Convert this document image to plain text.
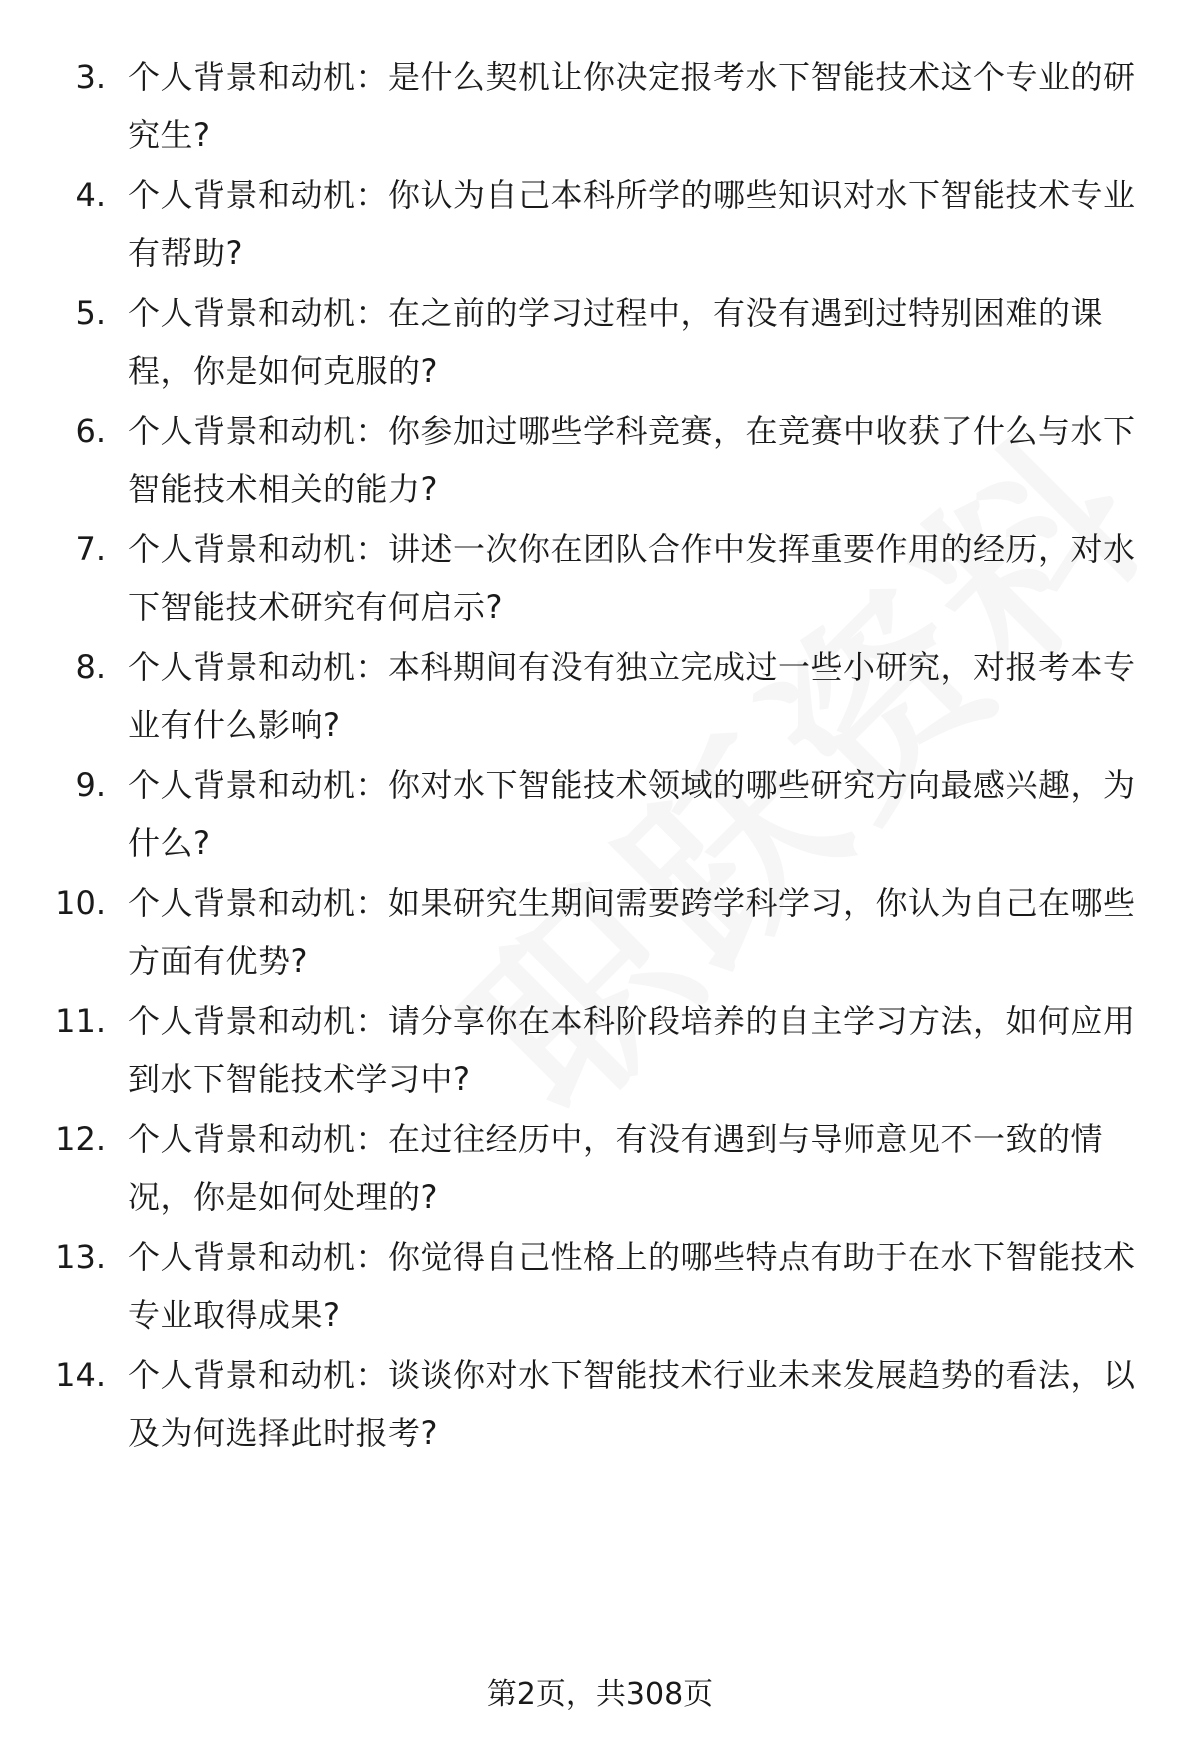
3. 个人背景和动机：是什么契机让你决定报考水下智能技术这个专业的研究生?
4. 个人背景和动机：你认为自己本科所学的哪些知识对水下智能技术专业有帮助?
5. 个人背景和动机：在之前的学习过程中，有没有遇到过特别困难的课程，你是如何克服的?
6. 个人背景和动机：你参加过哪些学科竞赛，在竞赛中收获了什么与水下智能技术相关的能力?
7. 个人背景和动机：讲述一次你在团队合作中发挥重要作用的经历，对水下智能技术研究有何启示?
8. 个人背景和动机：本科期间有没有独立完成过一些小研究，对报考本专业有什么影响?
9. 个人背景和动机：你对水下智能技术领域的哪些研究方向最感兴趣，为什么?
10. 个人背景和动机：如果研究生期间需要跨学科学习，你认为自己在哪些方面有优势?
11. 个人背景和动机：请分享你在本科阶段培养的自主学习方法，如何应用到水下智能技术学习中?
12. 个人背景和动机：在过往经历中，有没有遇到与导师意见不一致的情况，你是如何处理的?
13. 个人背景和动机：你觉得自己性格上的哪些特点有助于在水下智能技术专业取得成果?
14. 个人背景和动机：谈谈你对水下智能技术行业未来发展趋势的看法，以及为何选择此时报考?
第2页，共308页
